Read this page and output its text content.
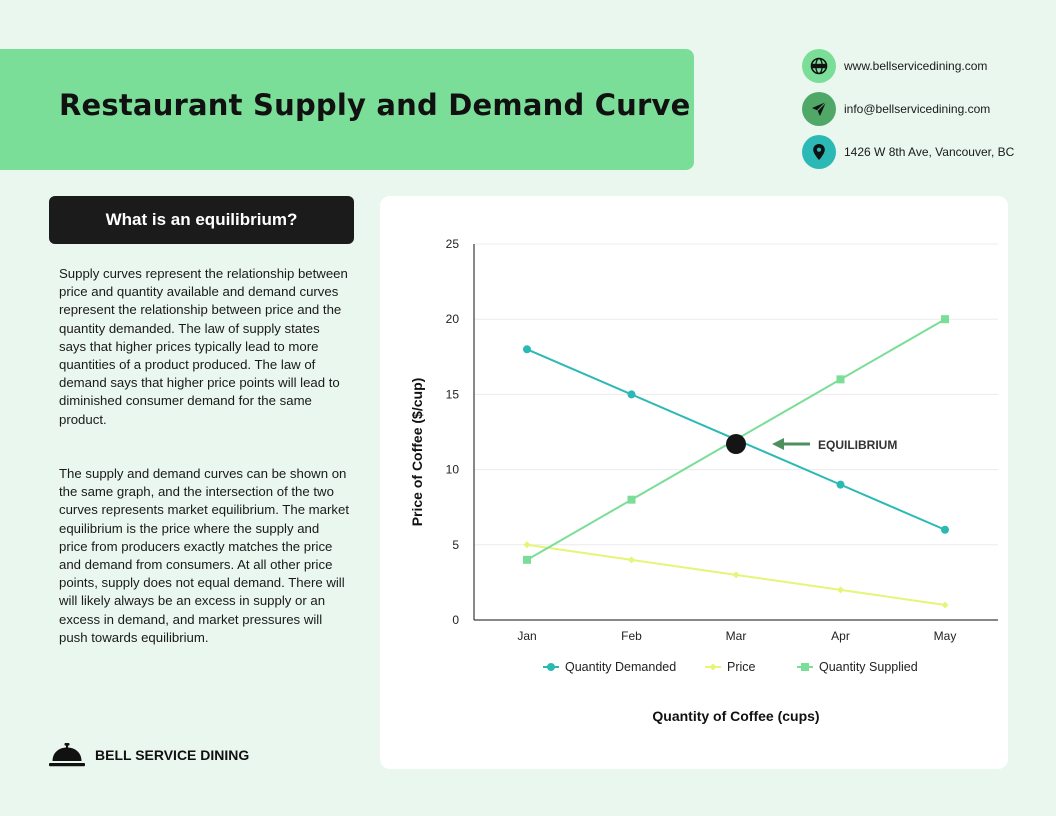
Restaurant Supply and Demand Curve
www.bellservicedining.com
info@bellservicedining.com
1426 W 8th Ave, Vancouver, BC
What is an equilibrium?

Supply curves represent the relationship between price and quantity available and demand curves represent the relationship between price and the quantity demanded. The law of supply states says that higher prices typically lead to more quantities of a product produced. The law of demand says that higher price points will lead to diminished consumer demand for the same product.

The supply and demand curves can be shown on the same graph, and the intersection of the two curves represents market equilibrium. The market equilibrium is the price where the supply and price from producers exactly matches the price and demand from consumers. At all other price points, supply does not equal demand. There will will likely always be an excess in supply or an excess in demand, and market pressures will push towards equilibrium.

BELL SERVICE DINING
0
5
10
15
20
25
Jan	Feb	Mar	Apr	May
EQUILIBRIUM
Quantity Demanded	Price	Quantity Supplied
Price of Coffee ($/cup)
Quantity of Coffee (cups)
